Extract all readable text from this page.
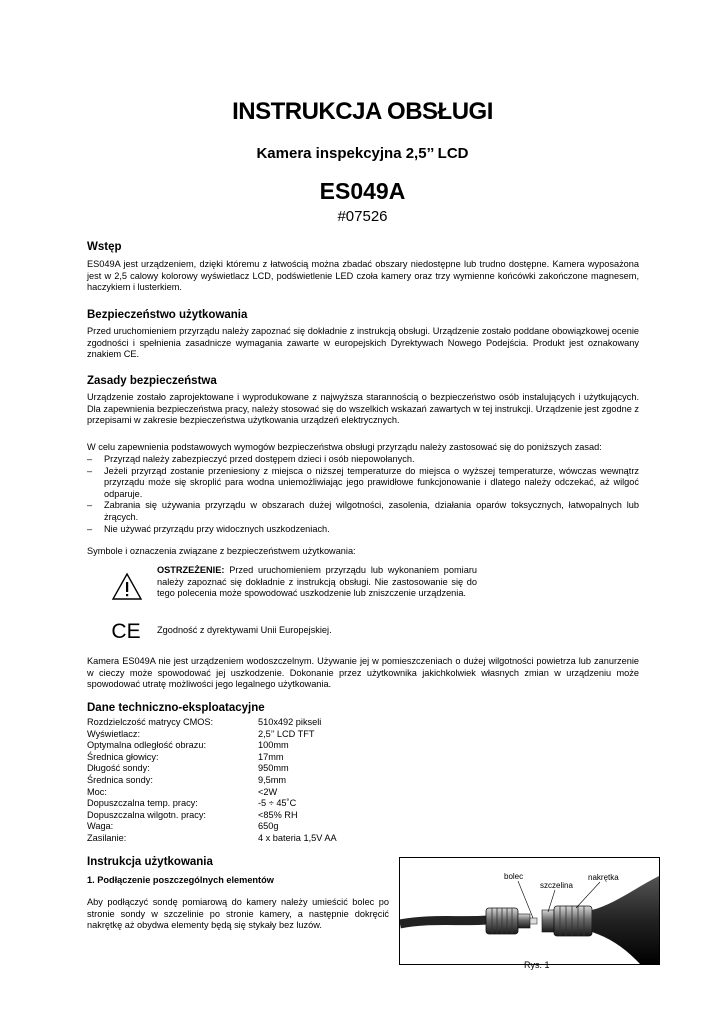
INSTRUKCJA OBSŁUGI
Kamera inspekcyjna 2,5’’ LCD
ES049A
#07526
Wstęp
ES049A jest urządzeniem, dzięki któremu z łatwością można zbadać obszary niedostępne lub trudno dostępne. Kamera wyposażona jest w 2,5 calowy kolorowy wyświetlacz LCD, podświetlenie LED czoła kamery oraz trzy wymienne końcówki zakończone magnesem, haczykiem i lusterkiem.
Bezpieczeństwo użytkowania
Przed uruchomieniem przyrządu należy zapoznać się dokładnie z instrukcją obsługi. Urządzenie zostało poddane obowiązkowej ocenie zgodności i spełnienia zasadnicze wymagania zawarte w europejskich Dyrektywach Nowego Podejścia. Produkt jest oznakowany znakiem CE.
Zasady bezpieczeństwa
Urządzenie zostało zaprojektowane i wyprodukowane z najwyższa starannością o bezpieczeństwo osób instalujących i użytkujących. Dla zapewnienia bezpieczeństwa pracy, należy stosować się do wszelkich wskazań zawartych w tej instrukcji. Urządzenie jest zgodne z przepisami w zakresie bezpieczeństwa użytkowania urządzeń elektrycznych.
W celu zapewnienia podstawowych wymogów bezpieczeństwa obsługi przyrządu należy zastosować się do poniższych zasad:
– Przyrząd należy zabezpieczyć przed dostępem dzieci i osób niepowołanych.
– Jeżeli przyrząd zostanie przeniesiony z miejsca o niższej temperaturze do miejsca o wyższej temperaturze, wówczas wewnątrz przyrządu może się skroplić para wodna uniemożliwiając jego prawidłowe funkcjonowanie i dlatego należy odczekać, aż wilgoć odparuje.
– Zabrania się używania przyrządu w obszarach dużej wilgotności, zasolenia, działania oparów toksycznych, łatwopalnych lub żrących.
– Nie używać przyrządu przy widocznych uszkodzeniach.
Symbole i oznaczenia związane z bezpieczeństwem użytkowania:
OSTRZEŻENIE: Przed uruchomieniem przyrządu lub wykonaniem pomiaru należy zapoznać się dokładnie z instrukcją obsługi. Nie zastosowanie się do tego polecenia może spowodować uszkodzenie lub zniszczenie urządzenia.
CE Zgodność z dyrektywami Unii Europejskiej.
Kamera ES049A nie jest urządzeniem wodoszczelnym. Używanie jej w pomieszczeniach o dużej wilgotności powietrza lub zanurzenie w cieczy może spowodować jej uszkodzenie. Dokonanie przez użytkownika jakichkolwiek własnych zmian w urządzeniu może spowodować utratę możliwości jego legalnego użytkowania.
Dane techniczno-eksploatacyjne
Rozdzielczość matrycy CMOS:	510x492 pikseli
Wyświetlacz:	2,5’’ LCD TFT
Optymalna odległość obrazu:	100mm
Średnica głowicy:	17mm
Długość sondy:	950mm
Średnica sondy:	9,5mm
Moc:	<2W
Dopuszczalna temp. pracy:	-5 ÷ 45˚C
Dopuszczalna wilgotn. pracy:	<85% RH
Waga:	650g
Zasilanie:	4 x bateria 1,5V AA
Instrukcja użytkowania
1. Podłączenie poszczególnych elementów
Aby podłączyć sondę pomiarową do kamery należy umieścić bolec po stronie sondy w szczelinie po stronie kamery, a następnie dokręcić nakrętkę aż obydwa elementy będą się stykały bez luzów.
bolec
szczelina
nakrętka
Rys. 1
